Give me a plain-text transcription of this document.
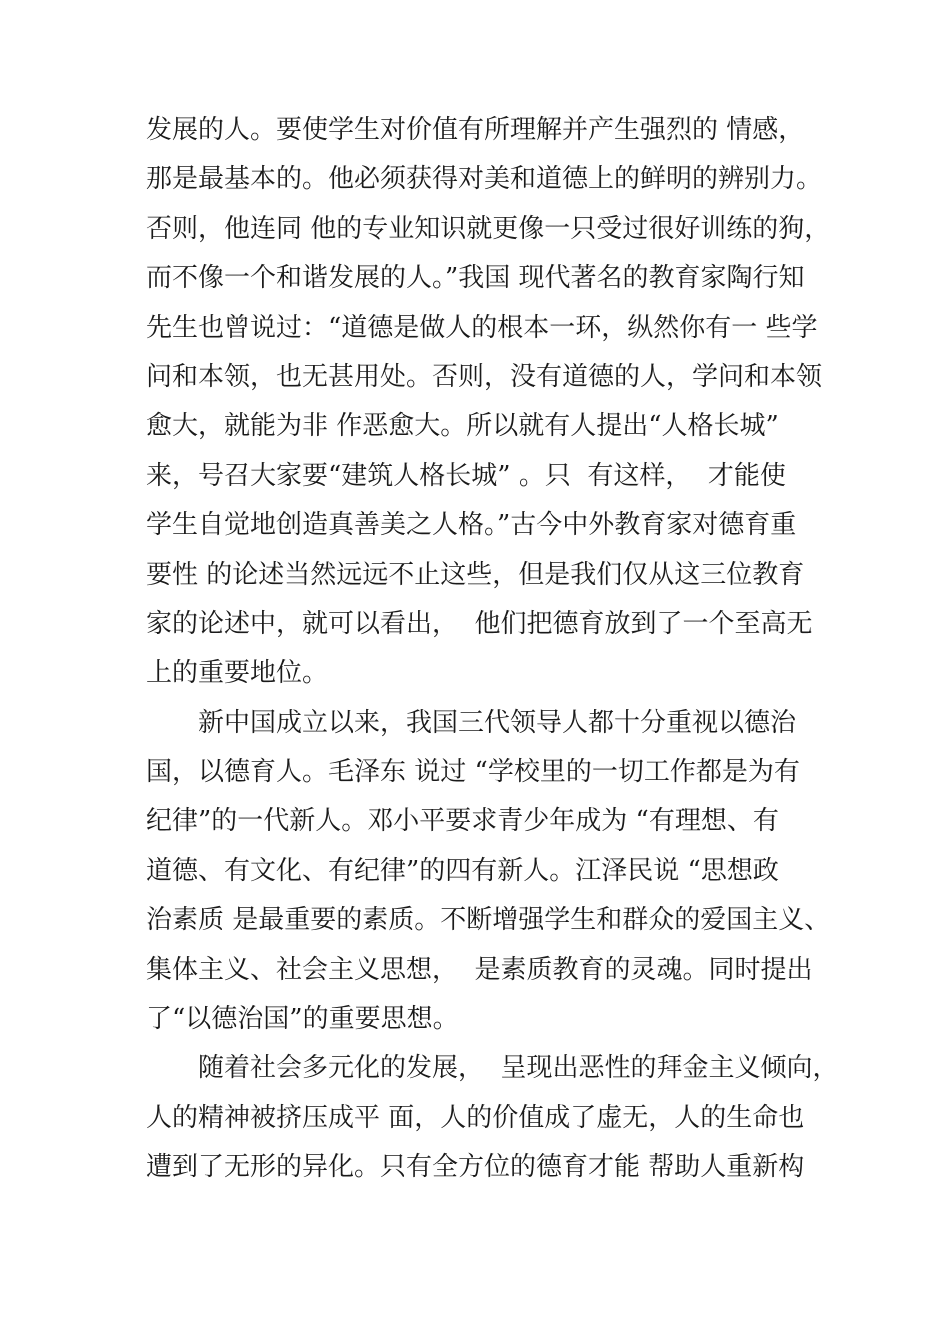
发展的人。要使学生对价值有所理解并产生强烈的 情感，
那是最基本的。他必须获得对美和道德上的鲜明的辨别力。
否则，他连同 他的专业知识就更像一只受过很好训练的狗，
而不像一个和谐发展的人。”我国 现代著名的教育家陶行知
先生也曾说过：“道德是做人的根本一环，纵然你有一 些学
问和本领，也无甚用处。否则，没有道德的人，学问和本领
愈大，就能为非 作恶愈大。所以就有人提出“人格长城”
来，号召大家要“建筑人格长城” 。只  有这样，  才能使
学生自觉地创造真善美之人格。”古今中外教育家对德育重
要性 的论述当然远远不止这些，但是我们仅从这三位教育
家的论述中，就可以看出，  他们把德育放到了一个至高无
上的重要地位。
新中国成立以来，我国三代领导人都十分重视以德治
国，以德育人。毛泽东 说过 “学校里的一切工作都是为有
纪律”的一代新人。邓小平要求青少年成为 “有理想、有
道德、有文化、有纪律”的四有新人。江泽民说 “思想政
治素质 是最重要的素质。不断增强学生和群众的爱国主义、
集体主义、社会主义思想，  是素质教育的灵魂。同时提出
了“以德治国”的重要思想。
随着社会多元化的发展，  呈现出恶性的拜金主义倾向，
人的精神被挤压成平 面，人的价值成了虚无，人的生命也
遭到了无形的异化。只有全方位的德育才能 帮助人重新构
